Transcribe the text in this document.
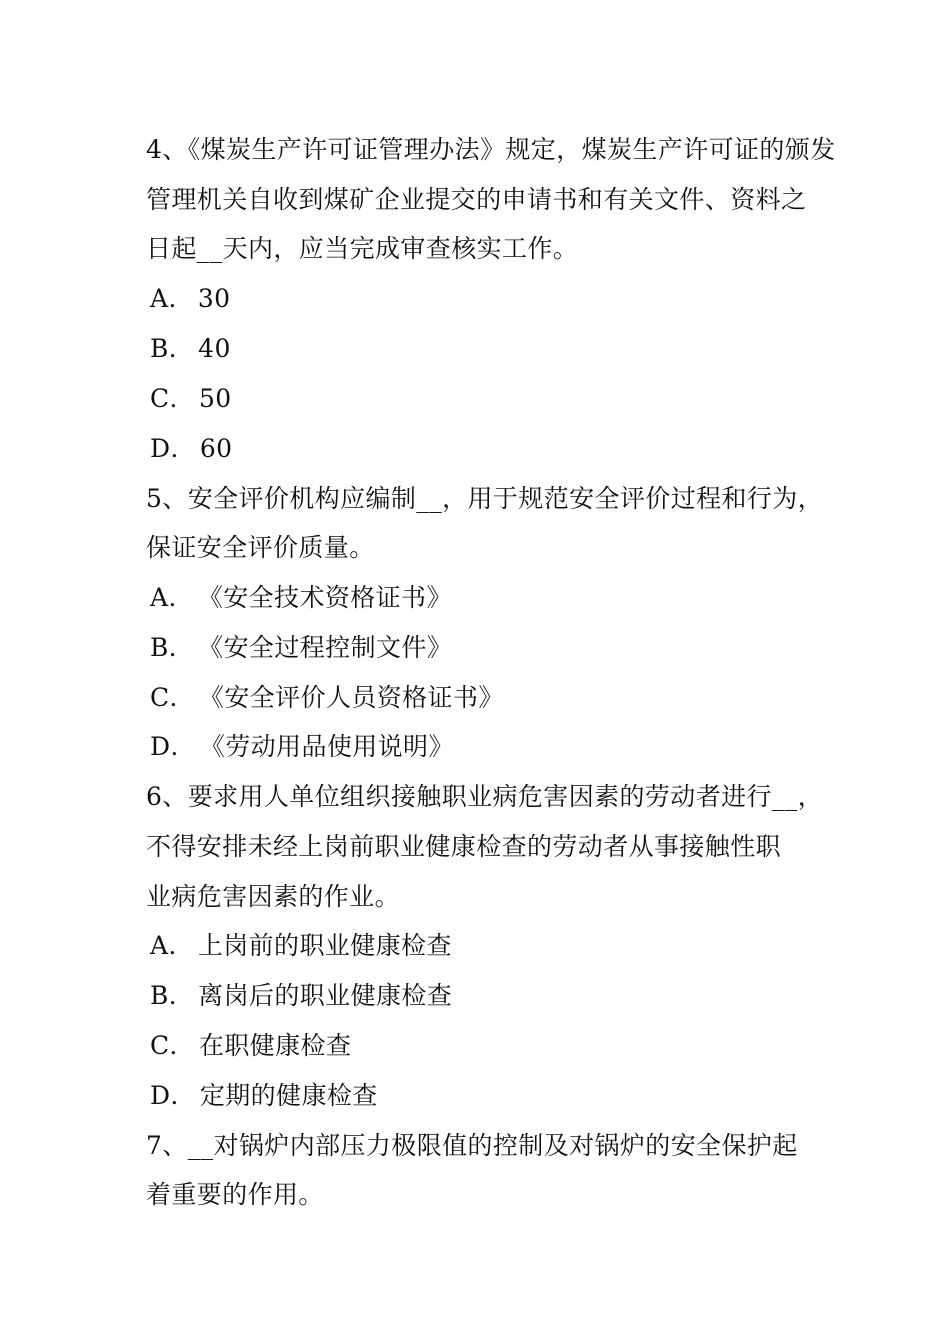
4、《煤炭生产许可证管理办法》规定，煤炭生产许可证的颁发
管理机关自收到煤矿企业提交的申请书和有关文件、资料之
日起__天内，应当完成审查核实工作。
A． 30
B． 40
C． 50
D． 60
5、安全评价机构应编制__，用于规范安全评价过程和行为，
保证安全评价质量。
A． 《安全技术资格证书》
B． 《安全过程控制文件》
C． 《安全评价人员资格证书》
D． 《劳动用品使用说明》
6、要求用人单位组织接触职业病危害因素的劳动者进行__，
不得安排未经上岗前职业健康检查的劳动者从事接触性职
业病危害因素的作业。
A． 上岗前的职业健康检查
B． 离岗后的职业健康检查
C． 在职健康检查
D． 定期的健康检查
7、__对锅炉内部压力极限值的控制及对锅炉的安全保护起
着重要的作用。
